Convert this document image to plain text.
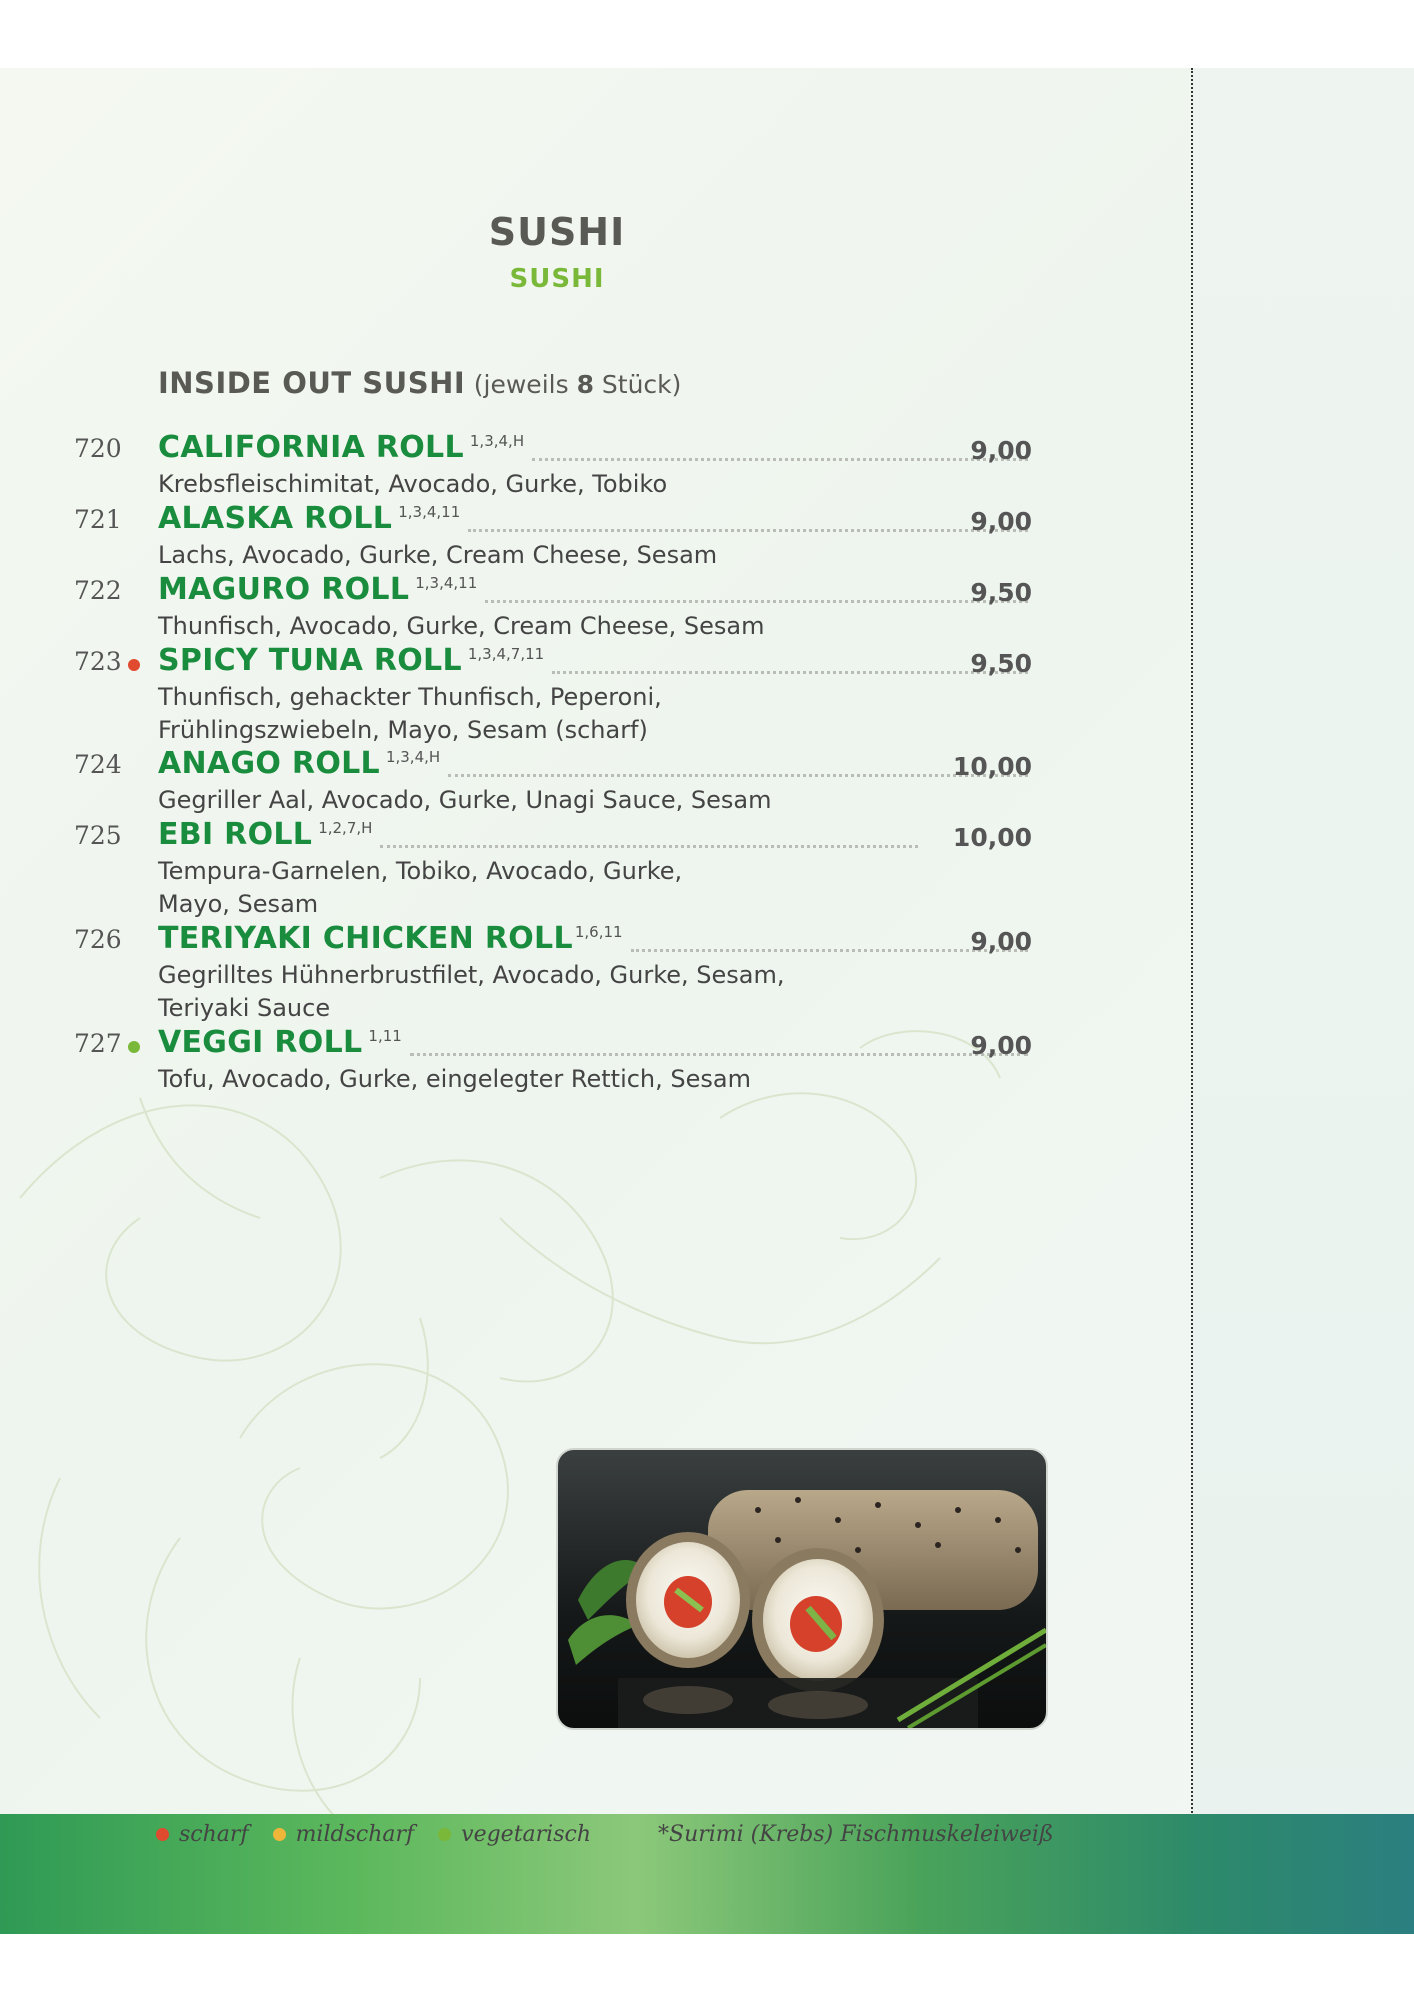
SUSHI
SUSHI
INSIDE OUT SUSHI (jeweils 8 Stück)
720 CALIFORNIA ROLL 1,3,4,H	9,00
Krebsfleischimitat, Avocado, Gurke, Tobiko
721 ALASKA ROLL 1,3,4,11	9,00
Lachs, Avocado, Gurke, Cream Cheese, Sesam
722 MAGURO ROLL 1,3,4,11	9,50
Thunfisch, Avocado, Gurke, Cream Cheese, Sesam
723 SPICY TUNA ROLL 1,3,4,7,11	9,50
Thunfisch, gehackter Thunfisch, Peperoni, Frühlingszwiebeln, Mayo, Sesam (scharf)
724 ANAGO ROLL 1,3,4,H	10,00
Gegriller Aal, Avocado, Gurke, Unagi Sauce, Sesam
725 EBI ROLL 1,2,7,H	10,00
Tempura-Garnelen, Tobiko, Avocado, Gurke, Mayo, Sesam
726 TERIYAKI CHICKEN ROLL 1,6,11	9,00
Gegrilltes Hühnerbrustfilet, Avocado, Gurke, Sesam, Teriyaki Sauce
727 VEGGI ROLL 1,11	9,00
Tofu, Avocado, Gurke, eingelegter Rettich, Sesam
scharf mildscharf vegetarisch	*Surimi (Krebs) Fischmuskeleiweiß
